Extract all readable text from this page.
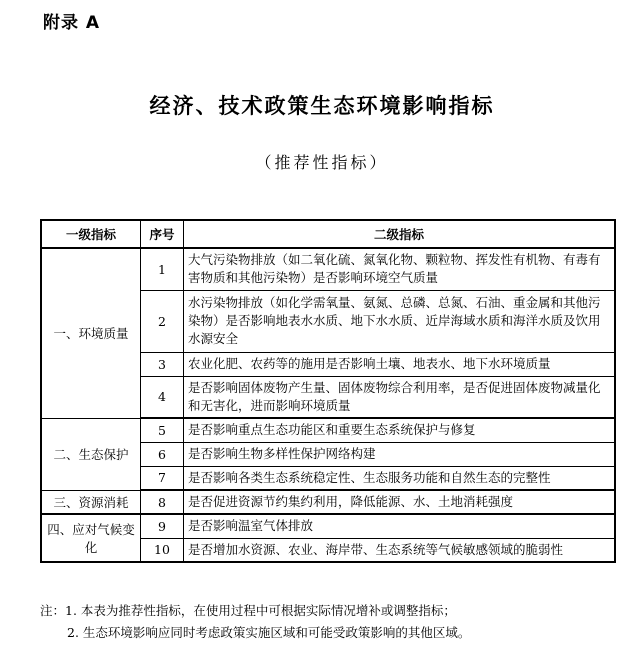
附录 A
经济、技术政策生态环境影响指标
（推荐性指标）
一级指标	序号	二级指标
一、环境质量	1	大气污染物排放（如二氧化硫、氮氧化物、颗粒物、挥发性有机物、有毒有害物质和其他污染物）是否影响环境空气质量
	2	水污染物排放（如化学需氧量、氨氮、总磷、总氮、石油、重金属和其他污染物）是否影响地表水水质、地下水水质、近岸海域水质和海洋水质及饮用水源安全
	3	农业化肥、农药等的施用是否影响土壤、地表水、地下水环境质量
	4	是否影响固体废物产生量、固体废物综合利用率，是否促进固体废物减量化和无害化，进而影响环境质量
二、生态保护	5	是否影响重点生态功能区和重要生态系统保护与修复
	6	是否影响生物多样性保护网络构建
	7	是否影响各类生态系统稳定性、生态服务功能和自然生态的完整性
三、资源消耗	8	是否促进资源节约集约利用，降低能源、水、土地消耗强度
四、应对气候变化	9	是否影响温室气体排放
	10	是否增加水资源、农业、海岸带、生态系统等气候敏感领域的脆弱性
注：1. 本表为推荐性指标，在使用过程中可根据实际情况增补或调整指标；
2. 生态环境影响应同时考虑政策实施区域和可能受政策影响的其他区域。
